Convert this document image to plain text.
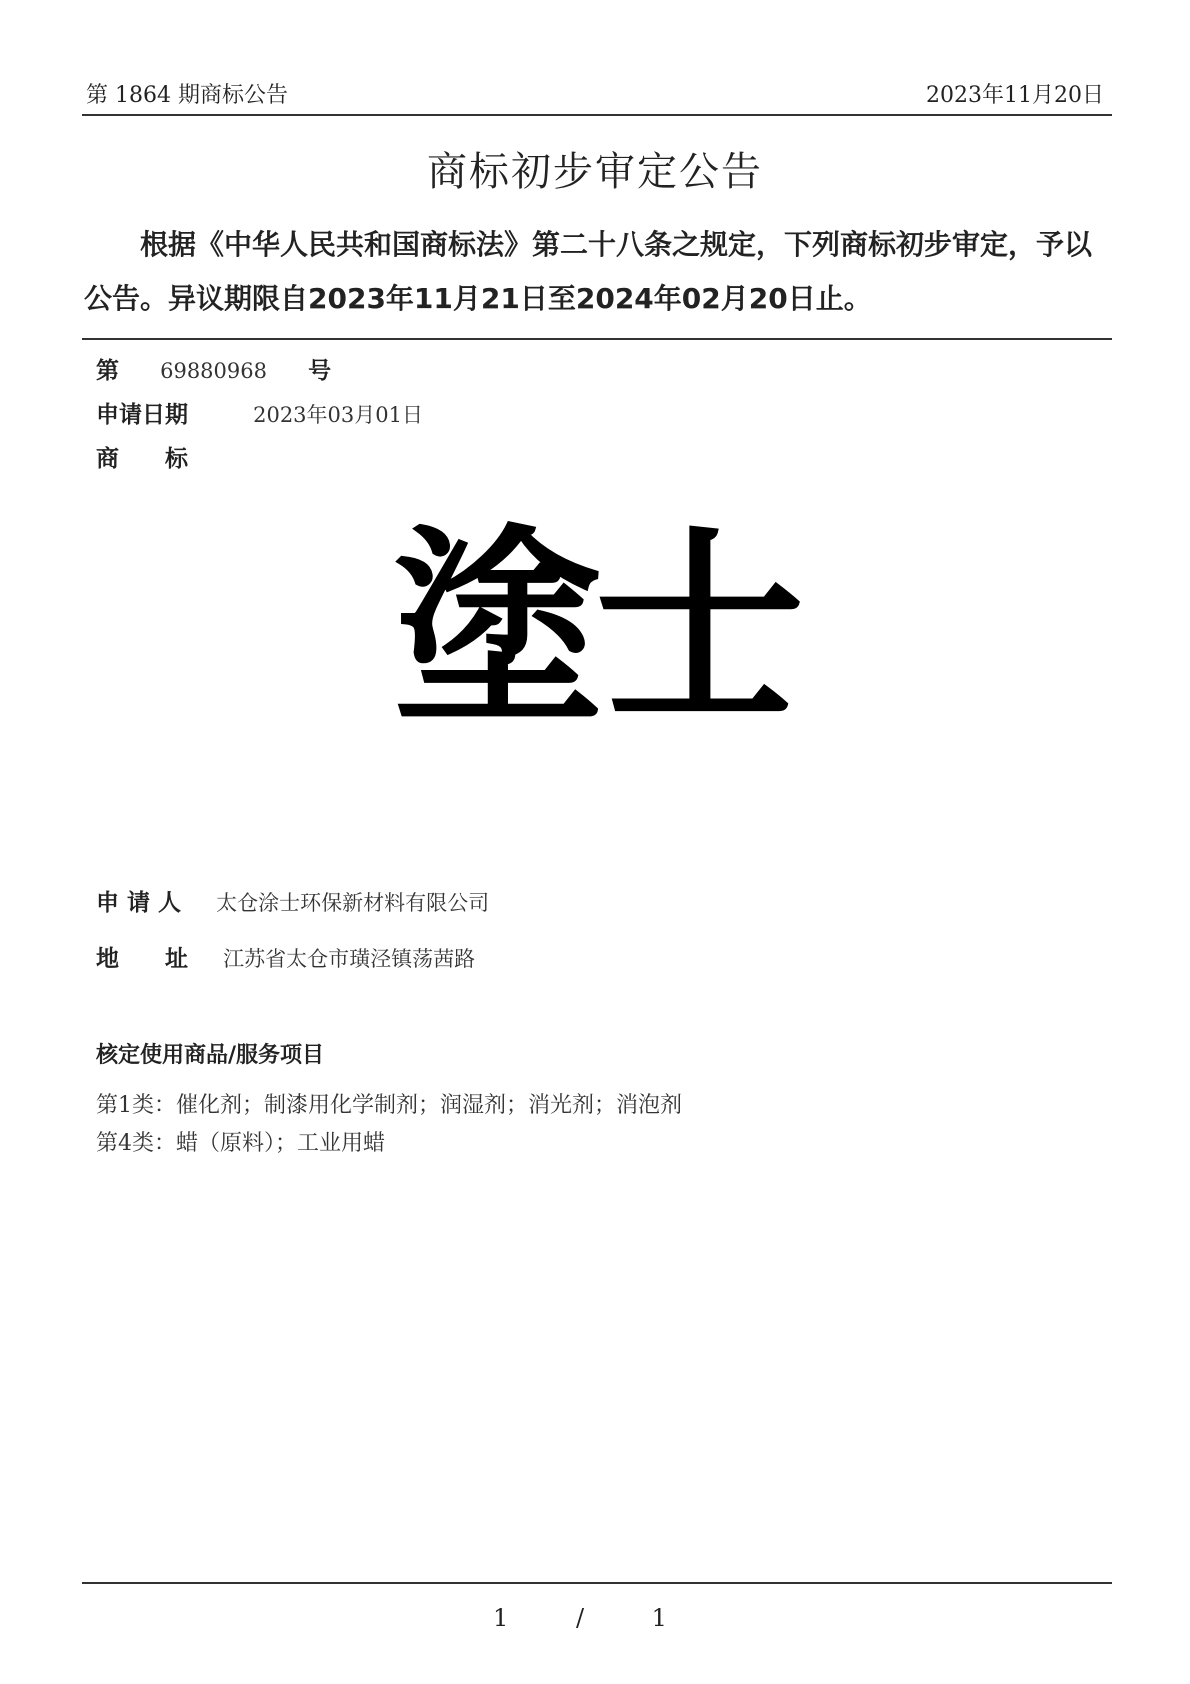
第 1864 期商标公告	2023年11月20日
商标初步审定公告
根据《中华人民共和国商标法》第二十八条之规定，下列商标初步审定，予以公告。异议期限自2023年11月21日至2024年02月20日止。
第 69880968 号
申请日期	2023年03月01日
商　　标
塗士
申 请 人 太仓涂士环保新材料有限公司
地　　址 江苏省太仓市璜泾镇荡茜路
核定使用商品/服务项目
第1类：催化剂；制漆用化学制剂；润湿剂；消光剂；消泡剂
第4类：蜡（原料）；工业用蜡
1 / 1
